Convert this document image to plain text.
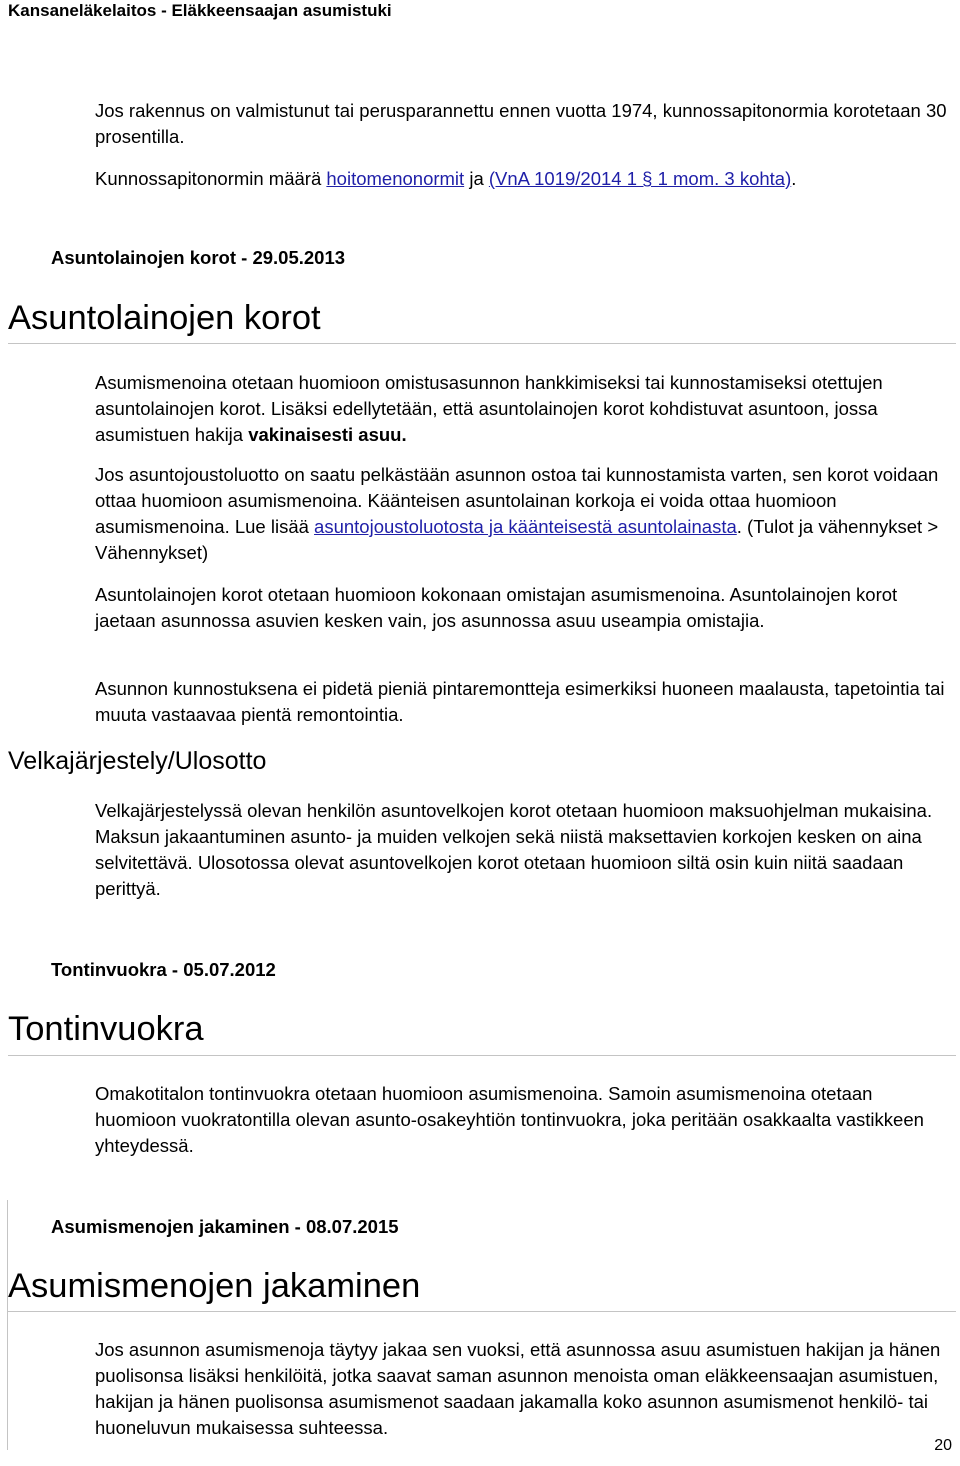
Kansaneläkelaitos - Eläkkeensaajan asumistuki

Jos rakennus on valmistunut tai perusparannettu ennen vuotta 1974, kunnossapitonormia korotetaan 30 prosentilla.

Kunnossapitonormin määrä hoitomenonormit ja (VnA 1019/2014 1 § 1 mom. 3 kohta).

Asuntolainojen korot - 29.05.2013
Asuntolainojen korot

Asumismenoina otetaan huomioon omistusasunnon hankkimiseksi tai kunnostamiseksi otettujen asuntolainojen korot. Lisäksi edellytetään, että asuntolainojen korot kohdistuvat asuntoon, jossa asumistuen hakija vakinaisesti asuu.

Jos asuntojoustoluotto on saatu pelkästään asunnon ostoa tai kunnostamista varten, sen korot voidaan ottaa huomioon asumismenoina. Käänteisen asuntolainan korkoja ei voida ottaa huomioon asumismenoina. Lue lisää asuntojoustoluotosta ja käänteisestä asuntolainasta. (Tulot ja vähennykset > Vähennykset)

Asuntolainojen korot otetaan huomioon kokonaan omistajan asumismenoina. Asuntolainojen korot jaetaan asunnossa asuvien kesken vain, jos asunnossa asuu useampia omistajia.

Asunnon kunnostuksena ei pidetä pieniä pintaremontteja esimerkiksi huoneen maalausta, tapetointia tai muuta vastaavaa pientä remontointia.

Velkajärjestely/Ulosotto

Velkajärjestelyssä olevan henkilön asuntovelkojen korot otetaan huomioon maksuohjelman mukaisina. Maksun jakaantuminen asunto- ja muiden velkojen sekä niistä maksettavien korkojen kesken on aina selvitettävä. Ulosotossa olevat asuntovelkojen korot otetaan huomioon siltä osin kuin niitä saadaan perittyä.

Tontinvuokra - 05.07.2012
Tontinvuokra

Omakotitalon tontinvuokra otetaan huomioon asumismenoina. Samoin asumismenoina otetaan huomioon vuokratontilla olevan asunto-osakeyhtiön tontinvuokra, joka peritään osakkaalta vastikkeen yhteydessä.

Asumismenojen jakaminen - 08.07.2015
Asumismenojen jakaminen

Jos asunnon asumismenoja täytyy jakaa sen vuoksi, että asunnossa asuu asumistuen hakijan ja hänen puolisonsa lisäksi henkilöitä, jotka saavat saman asunnon menoista oman eläkkeensaajan asumistuen, hakijan ja hänen puolisonsa asumismenot saadaan jakamalla koko asunnon asumismenot henkilö- tai huoneluvun mukaisessa suhteessa.

20
